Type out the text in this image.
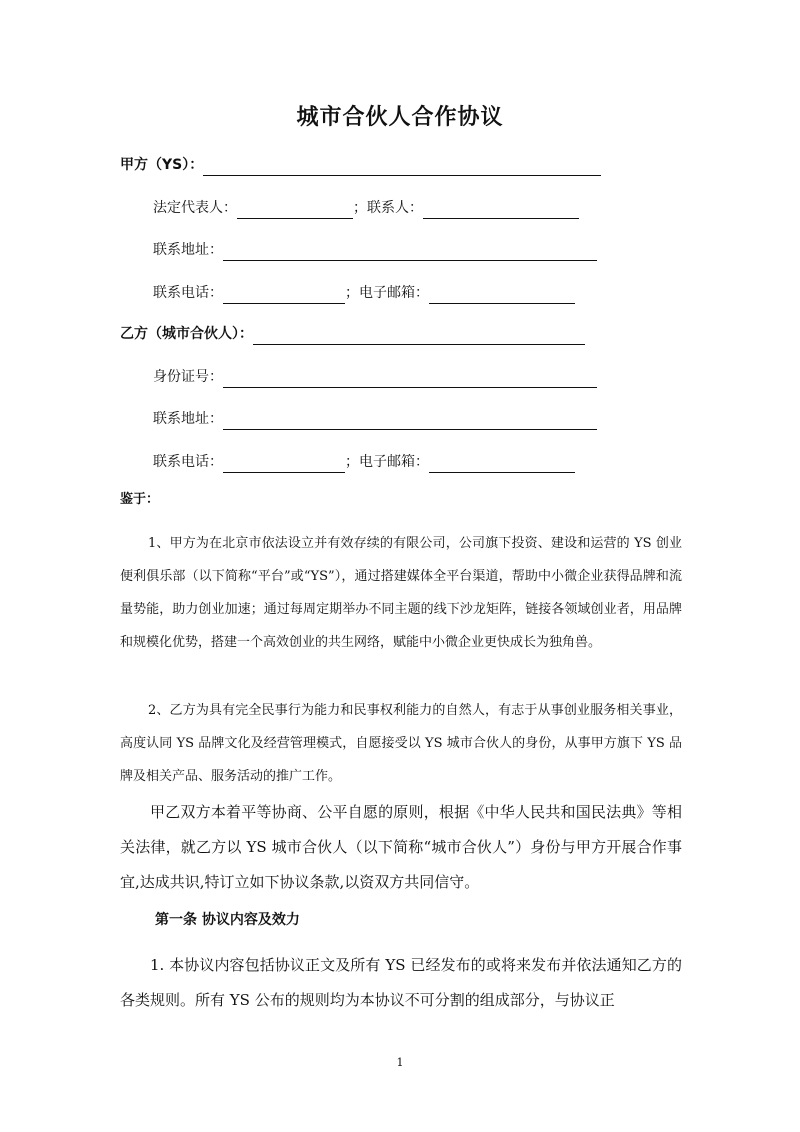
城市合伙人合作协议
甲方（YS）：
法定代表人：	；联系人：
联系地址：
联系电话：	；电子邮箱：
乙方（城市合伙人）：
身份证号：
联系地址：
联系电话：	；电子邮箱：
鉴于：
1、甲方为在北京市依法设立并有效存续的有限公司，公司旗下投资、建设和运营的 YS 创业便利俱乐部（以下简称“平台”或“YS”），通过搭建媒体全平台渠道，帮助中小微企业获得品牌和流量势能，助力创业加速；通过每周定期举办不同主题的线下沙龙矩阵，链接各领域创业者，用品牌和规模化优势，搭建一个高效创业的共生网络，赋能中小微企业更快成长为独角兽。
2、乙方为具有完全民事行为能力和民事权利能力的自然人，有志于从事创业服务相关事业，高度认同 YS 品牌文化及经营管理模式，自愿接受以 YS 城市合伙人的身份，从事甲方旗下 YS 品牌及相关产品、服务活动的推广工作。
甲乙双方本着平等协商、公平自愿的原则，根据《中华人民共和国民法典》等相关法律，就乙方以 YS 城市合伙人（以下简称“城市合伙人”）身份与甲方开展合作事宜,达成共识,特订立如下协议条款,以资双方共同信守。
第一条 协议内容及效力
1. 本协议内容包括协议正文及所有 YS 已经发布的或将来发布并依法通知乙方的各类规则。所有 YS 公布的规则均为本协议不可分割的组成部分，与协议正
1
